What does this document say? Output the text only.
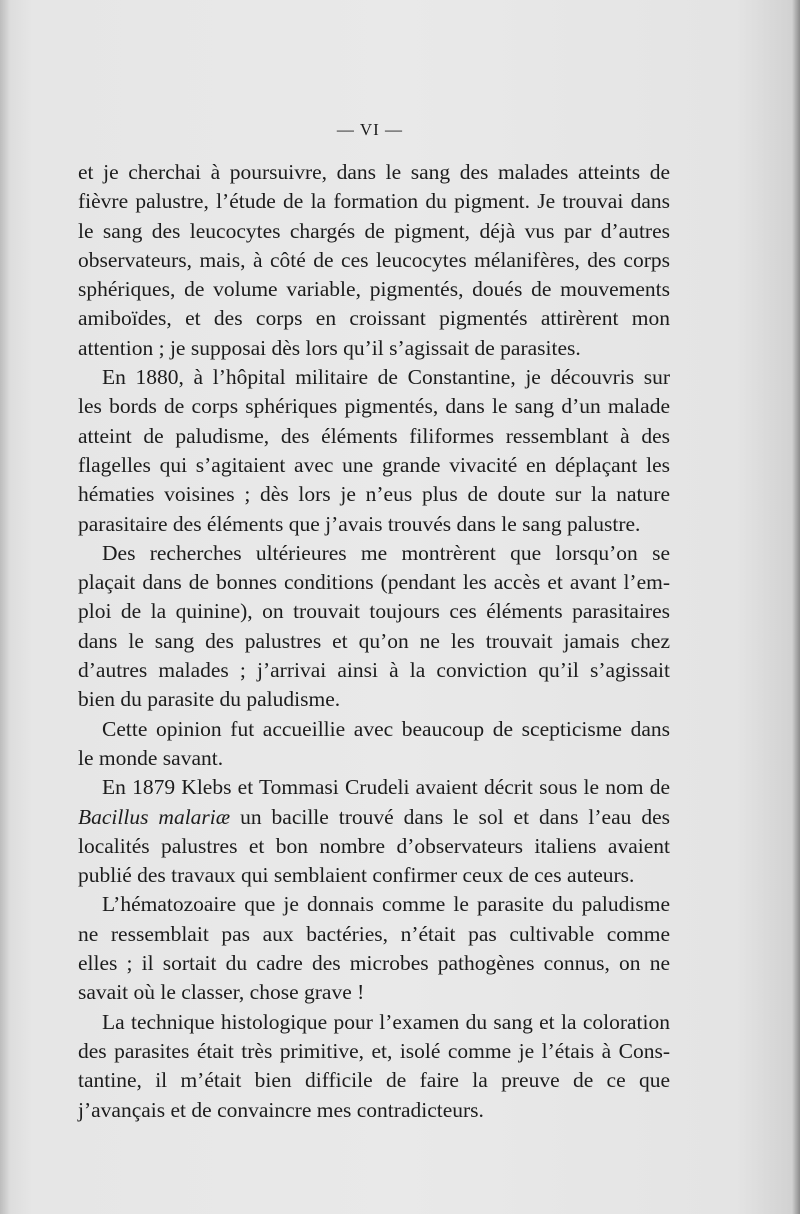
— VI —

et je cherchai à poursuivre, dans le sang des malades atteints de
fièvre palustre, l’étude de la formation du pigment. Je trouvai dans
le sang des leucocytes chargés de pigment, déjà vus par d’autres
observateurs, mais, à côté de ces leucocytes mélanifères, des corps
sphériques, de volume variable, pigmentés, doués de mouvements
amiboïdes, et des corps en croissant pigmentés attirèrent mon
attention ; je supposai dès lors qu’il s’agissait de parasites.

En 1880, à l’hôpital militaire de Constantine, je découvris sur
les bords de corps sphériques pigmentés, dans le sang d’un malade
atteint de paludisme, des éléments filiformes ressemblant à des
flagelles qui s’agitaient avec une grande vivacité en déplaçant les
hématies voisines ; dès lors je n’eus plus de doute sur la nature
parasitaire des éléments que j’avais trouvés dans le sang palustre.

Des recherches ultérieures me montrèrent que lorsqu’on se
plaçait dans de bonnes conditions (pendant les accès et avant l’em-
ploi de la quinine), on trouvait toujours ces éléments parasitaires
dans le sang des palustres et qu’on ne les trouvait jamais chez
d’autres malades ; j’arrivai ainsi à la conviction qu’il s’agissait
bien du parasite du paludisme.

Cette opinion fut accueillie avec beaucoup de scepticisme dans
le monde savant.

En 1879 Klebs et Tommasi Crudeli avaient décrit sous le nom de
Bacillus malariæ un bacille trouvé dans le sol et dans l’eau des
localités palustres et bon nombre d’observateurs italiens avaient
publié des travaux qui semblaient confirmer ceux de ces auteurs.

L’hématozoaire que je donnais comme le parasite du paludisme
ne ressemblait pas aux bactéries, n’était pas cultivable comme
elles ; il sortait du cadre des microbes pathogènes connus, on ne
savait où le classer, chose grave !

La technique histologique pour l’examen du sang et la coloration
des parasites était très primitive, et, isolé comme je l’étais à Cons-
tantine, il m’était bien difficile de faire la preuve de ce que
j’avançais et de convaincre mes contradicteurs.
